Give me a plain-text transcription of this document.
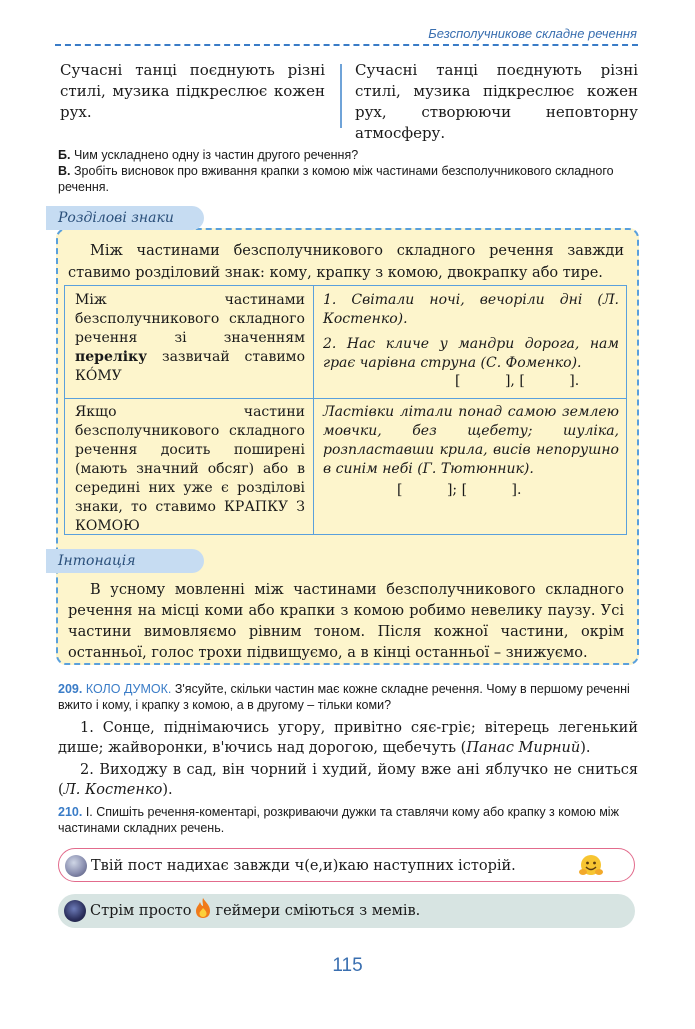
Безсполучникове складне речення
Сучасні танці поєднують різні стилі, музика підкреслює кожен рух.
Сучасні танці поєднують різні стилі, музика підкреслює кожен рух, створюючи неповторну атмосферу.
Б. Чим ускладнено одну із частин другого речення?
В. Зробіть висновок про вживання крапки з комою між частинами безсполучникового складного речення.
Розділові знаки
Між частинами безсполучникового складного речення завжди ставимо розділовий знак: кому, крапку з комою, двокрапку або тире.
Між частинами безсполучникового складного речення зі значенням переліку зазвичай ставимо КÓМУ
1. Світали ночі, вечоріли дні (Л. Костенко).
2. Нас кличе у мандри дорога, нам грає чарівна струна (С. Фоменко).
[          ], [          ].
Якщо частини безсполучникового складного речення досить поширені (мають значний обсяг) або в середині них уже є розділові знаки, то ставимо КРАПКУ З КОМОЮ
Ластівки літали понад самою землею мовчки, без щебету; шуліка, розпластавши крила, висів непорушно в синім небі (Г. Тютюнник).
[          ]; [          ].
Інтонація
В усному мовленні між частинами безсполучникового складного речення на місці коми або крапки з комою робимо невелику паузу. Усі частини вимовляємо рівним тоном. Після кожної частини, окрім останньої, голос трохи підвищуємо, а в кінці останньої – знижуємо.
209. КОЛО ДУМОК. З'ясуйте, скільки частин має кожне складне речення. Чому в першому реченні вжито і кому, і крапку з комою, а в другому – тільки коми?

1. Сонце, піднімаючись угору, привітно сяє-гріє; вітерець легенький дише; жайворонки, в'ючись над дорогою, щебечуть (Панас Мирний).

2. Виходжу в сад, він чорний і худий, йому вже ані яблучко не сниться (Л. Костенко).

210. І. Спишіть речення-коментарі, розкриваючи дужки та ставлячи кому або крапку з комою між частинами складних речень.
Твій пост надихає завжди ч(е,и)каю наступних історій.
Стрім просто геймери сміються з мемів.
115
